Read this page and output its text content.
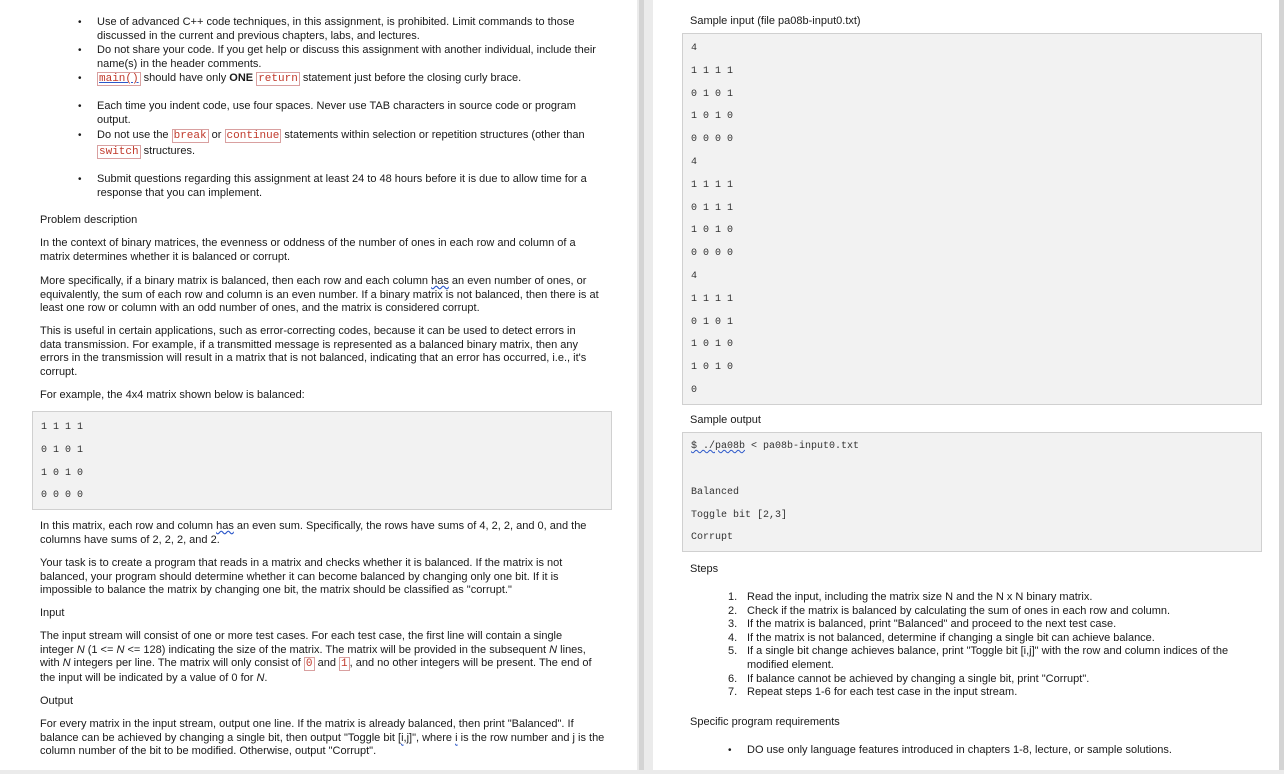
• Use of advanced C++ code techniques, in this assignment, is prohibited. Limit commands to those discussed in the current and previous chapters, labs, and lectures.
• Do not share your code. If you get help or discuss this assignment with another individual, include their name(s) in the header comments.
• main() should have only ONE return statement just before the closing curly brace.
• Each time you indent code, use four spaces. Never use TAB characters in source code or program output.
• Do not use the break or continue statements within selection or repetition structures (other than switch structures.
• Submit questions regarding this assignment at least 24 to 48 hours before it is due to allow time for a response that you can implement.
Problem description
In the context of binary matrices, the evenness or oddness of the number of ones in each row and column of a matrix determines whether it is balanced or corrupt.
More specifically, if a binary matrix is balanced, then each row and each column has an even number of ones, or equivalently, the sum of each row and column is an even number. If a binary matrix is not balanced, then there is at least one row or column with an odd number of ones, and the matrix is considered corrupt.
This is useful in certain applications, such as error-correcting codes, because it can be used to detect errors in data transmission. For example, if a transmitted message is represented as a balanced binary matrix, then any errors in the transmission will result in a matrix that is not balanced, indicating that an error has occurred, i.e., it's corrupt.
For example, the 4x4 matrix shown below is balanced:
1 1 1 1
0 1 0 1
1 0 1 0
0 0 0 0
In this matrix, each row and column has an even sum. Specifically, the rows have sums of 4, 2, 2, and 0, and the columns have sums of 2, 2, 2, and 2.
Your task is to create a program that reads in a matrix and checks whether it is balanced. If the matrix is not balanced, your program should determine whether it can become balanced by changing only one bit. If it is impossible to balance the matrix by changing one bit, the matrix should be classified as "corrupt."
Input
The input stream will consist of one or more test cases. For each test case, the first line will contain a single integer N (1 <= N <= 128) indicating the size of the matrix. The matrix will be provided in the subsequent N lines, with N integers per line. The matrix will only consist of 0 and 1 , and no other integers will be present. The end of the input will be indicated by a value of 0 for N.
Output
For every matrix in the input stream, output one line. If the matrix is already balanced, then print "Balanced". If balance can be achieved by changing a single bit, then output "Toggle bit [i,j]", where i is the row number and j is the column number of the bit to be modified. Otherwise, output "Corrupt".
Sample input (file pa08b-input0.txt)
4
1 1 1 1
0 1 0 1
1 0 1 0
0 0 0 0
4
1 1 1 1
0 1 1 1
1 0 1 0
0 0 0 0
4
1 1 1 1
0 1 0 1
1 0 1 0
1 0 1 0
0
Sample output
$ ./pa08b < pa08b-input0.txt
Balanced
Toggle bit [2,3]
Corrupt
Steps
1. Read the input, including the matrix size N and the N x N binary matrix.
2. Check if the matrix is balanced by calculating the sum of ones in each row and column.
3. If the matrix is balanced, print "Balanced" and proceed to the next test case.
4. If the matrix is not balanced, determine if changing a single bit can achieve balance.
5. If a single bit change achieves balance, print "Toggle bit [i,j]" with the row and column indices of the modified element.
6. If balance cannot be achieved by changing a single bit, print "Corrupt".
7. Repeat steps 1-6 for each test case in the input stream.
Specific program requirements
• DO use only language features introduced in chapters 1-8, lecture, or sample solutions.
